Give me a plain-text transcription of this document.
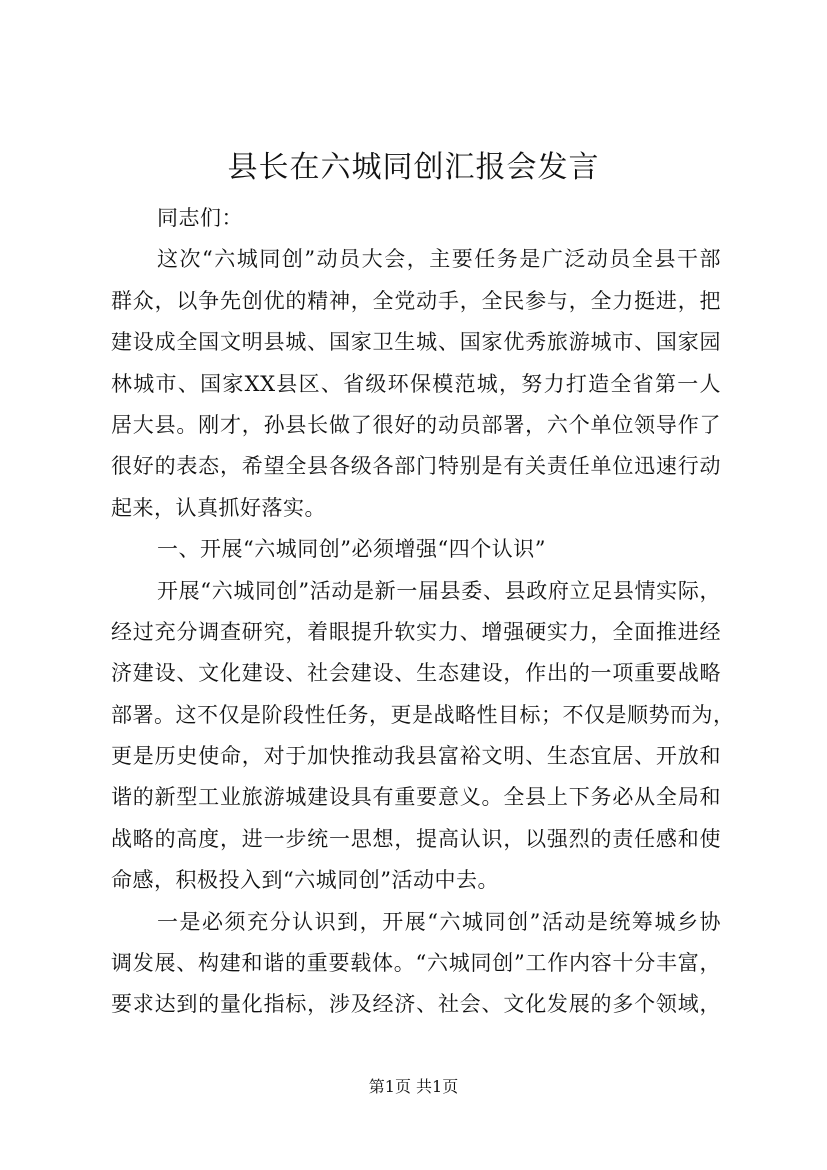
县长在六城同创汇报会发言
同志们：
这次“六城同创”动员大会，主要任务是广泛动员全县干部
群众，以争先创优的精神，全党动手，全民参与，全力挺进，把
建设成全国文明县城、国家卫生城、国家优秀旅游城市、国家园
林城市、国家XX县区、省级环保模范城，努力打造全省第一人
居大县。刚才，孙县长做了很好的动员部署，六个单位领导作了
很好的表态，希望全县各级各部门特别是有关责任单位迅速行动
起来，认真抓好落实。
一、开展“六城同创”必须增强“四个认识”
开展“六城同创”活动是新一届县委、县政府立足县情实际，
经过充分调查研究，着眼提升软实力、增强硬实力，全面推进经
济建设、文化建设、社会建设、生态建设，作出的一项重要战略
部署。这不仅是阶段性任务，更是战略性目标；不仅是顺势而为，
更是历史使命，对于加快推动我县富裕文明、生态宜居、开放和
谐的新型工业旅游城建设具有重要意义。全县上下务必从全局和
战略的高度，进一步统一思想，提高认识，以强烈的责任感和使
命感，积极投入到“六城同创”活动中去。
一是必须充分认识到，开展“六城同创”活动是统筹城乡协
调发展、构建和谐的重要载体。“六城同创”工作内容十分丰富，
要求达到的量化指标，涉及经济、社会、文化发展的多个领域，
第1页 共1页
